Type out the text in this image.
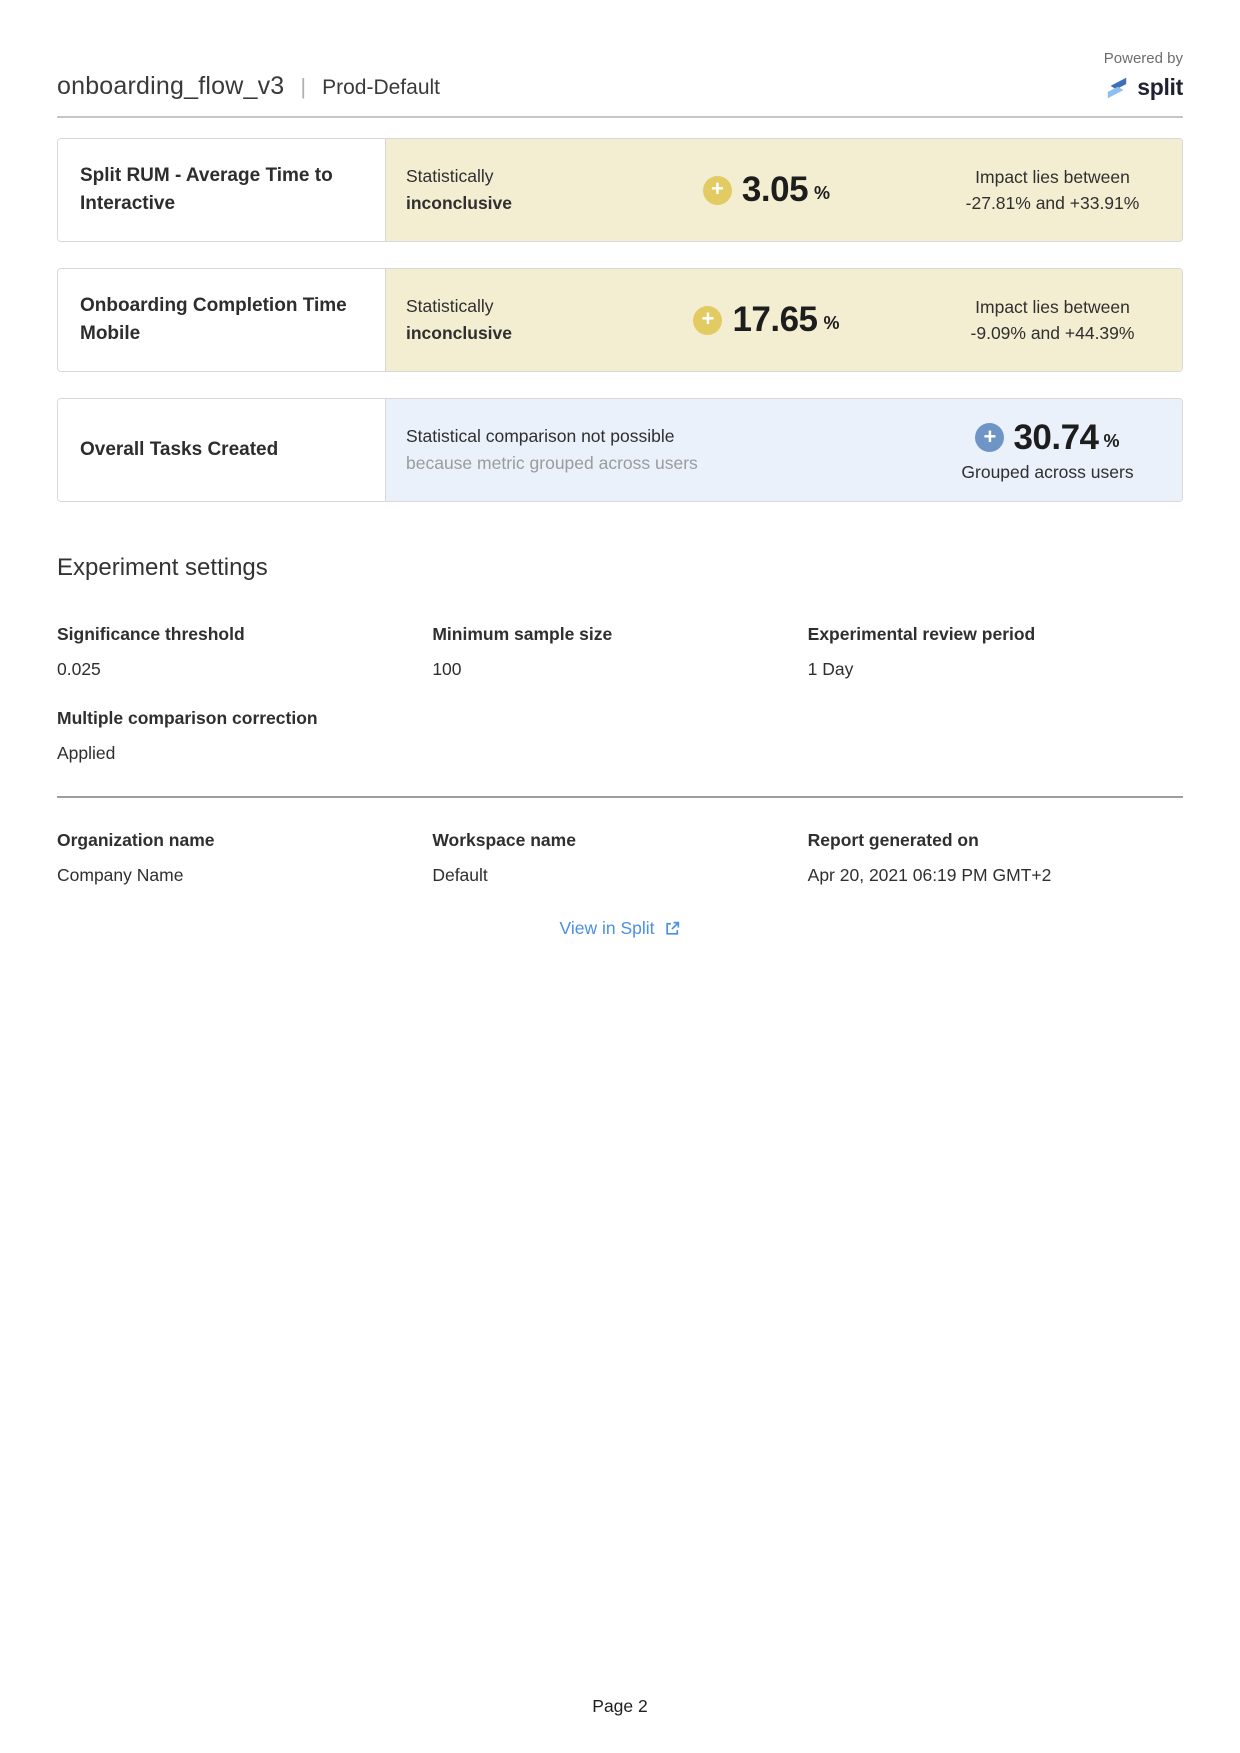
onboarding_flow_v3 | Prod-Default
Powered by
split
Split RUM - Average Time to Interactive
Statistically
inconclusive
+ 3.05 %
Impact lies between
-27.81% and +33.91%
Onboarding Completion Time Mobile
Statistically
inconclusive
+ 17.65 %
Impact lies between
-9.09% and +44.39%
Overall Tasks Created
Statistical comparison not possible
because metric grouped across users
+ 30.74 %
Grouped across users
Experiment settings
Significance threshold
0.025
Minimum sample size
100
Experimental review period
1 Day
Multiple comparison correction
Applied
Organization name
Company Name
Workspace name
Default
Report generated on
Apr 20, 2021 06:19 PM GMT+2
View in Split
Page 2
